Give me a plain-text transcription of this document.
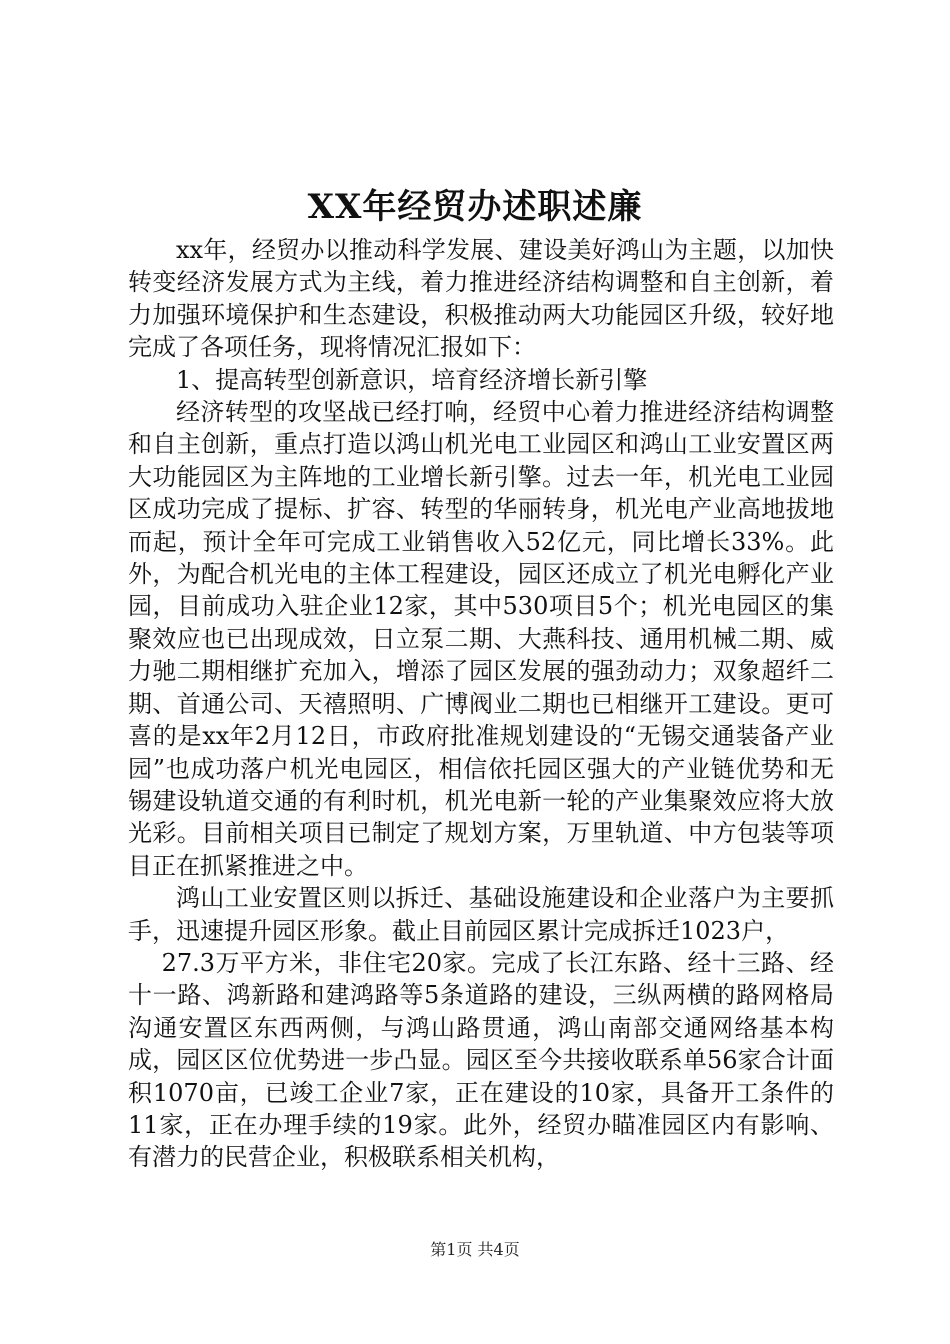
XX年经贸办述职述廉

xx年，经贸办以推动科学发展、建设美好鸿山为主题，以加快转变经济发展方式为主线，着力推进经济结构调整和自主创新，着力加强环境保护和生态建设，积极推动两大功能园区升级，较好地完成了各项任务，现将情况汇报如下：

1、提高转型创新意识，培育经济增长新引擎

经济转型的攻坚战已经打响，经贸中心着力推进经济结构调整和自主创新，重点打造以鸿山机光电工业园区和鸿山工业安置区两大功能园区为主阵地的工业增长新引擎。过去一年，机光电工业园区成功完成了提标、扩容、转型的华丽转身，机光电产业高地拔地而起，预计全年可完成工业销售收入52亿元，同比增长33%。此外，为配合机光电的主体工程建设，园区还成立了机光电孵化产业园，目前成功入驻企业12家，其中530项目5个；机光电园区的集聚效应也已出现成效，日立泵二期、大燕科技、通用机械二期、威力驰二期相继扩充加入，增添了园区发展的强劲动力；双象超纤二期、首通公司、天禧照明、广博阀业二期也已相继开工建设。更可喜的是xx年2月12日，市政府批准规划建设的“无锡交通装备产业园”也成功落户机光电园区，相信依托园区强大的产业链优势和无锡建设轨道交通的有利时机，机光电新一轮的产业集聚效应将大放光彩。目前相关项目已制定了规划方案，万里轨道、中方包装等项目正在抓紧推进之中。

鸿山工业安置区则以拆迁、基础设施建设和企业落户为主要抓手，迅速提升园区形象。截止目前园区累计完成拆迁1023户，

27.3万平方米，非住宅20家。完成了长江东路、经十三路、经十一路、鸿新路和建鸿路等5条道路的建设，三纵两横的路网格局沟通安置区东西两侧，与鸿山路贯通，鸿山南部交通网络基本构成，园区区位优势进一步凸显。园区至今共接收联系单56家合计面积1070亩，已竣工企业7家，正在建设的10家，具备开工条件的11家，正在办理手续的19家。此外，经贸办瞄准园区内有影响、有潜力的民营企业，积极联系相关机构，

第1页 共4页
